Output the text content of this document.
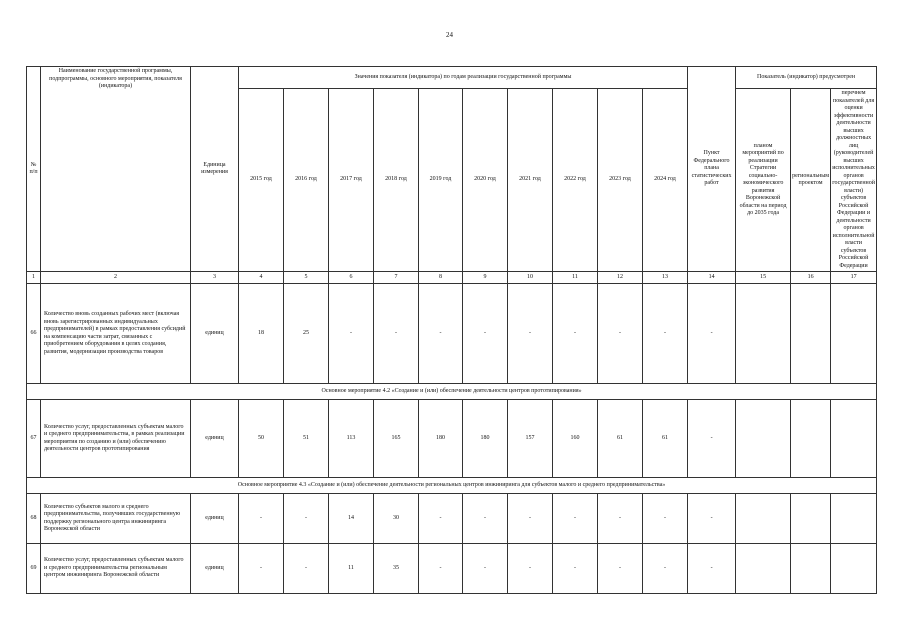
24
№ п/п	Наименование государственной программы, подпрограммы, основного мероприятия, показателя (индикатора)	Единица измерения	Значения показателя (индикатора) по годам реализации государственной программы										Пункт Федерального плана статистических работ	Показатель (индикатор) предусмотрен		
			2015 год	2016 год	2017 год	2018 год	2019 год	2020 год	2021 год	2022 год	2023 год	2024 год		планом мероприятий по реализации Стратегии социально-экономического развития Воронежской области на период до 2035 года	региональным проектом	перечнем показателей для оценки эффективности деятельности высших должностных лиц (руководителей высших исполнительных органов государственной власти) субъектов Российской Федерации и деятельности органов исполнительной власти субъектов Российской Федерации
1	2	3	4	5	6	7	8	9	10	11	12	13	14	15	16	17
66	Количество вновь созданных рабочих мест (включая вновь зарегистрированных индивидуальных предпринимателей) в рамках предоставления субсидий на компенсацию части затрат, связанных с приобретением оборудования в целях создания, развития, модернизации производства товаров	единиц	18	25	-	-	-	-	-	-	-	-	-			
Основное мероприятие 4.2 «Создание и (или) обеспечение деятельности центров прототипирования»																
67	Количество услуг, предоставленных субъектам малого и среднего предпринимательства, в рамках реализации мероприятия по созданию и (или) обеспечению деятельности центров прототипирования	единиц	50	51	113	165	180	180	157	160	61	61	-			
Основное мероприятие 4.3 «Создание и (или) обеспечение деятельности региональных центров инжиниринга для субъектов малого и среднего предпринимательства»																
68	Количество субъектов малого и среднего предпринимательства, получивших государственную поддержку регионального центра инжиниринга Воронежской области	единиц	-	-	14	30	-	-	-	-	-	-	-			
69	Количество услуг, предоставленных субъектам малого и среднего предпринимательства региональным центром инжиниринга Воронежской области	единиц	-	-	11	35	-	-	-	-	-	-	-			
